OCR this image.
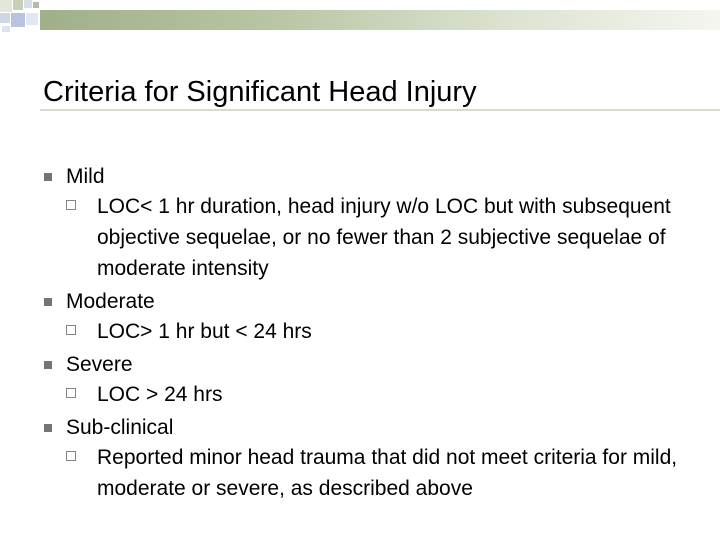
Criteria for Significant Head Injury
Mild
LOC< 1 hr duration, head injury w/o LOC but with subsequent objective sequelae, or no fewer than 2 subjective sequelae of moderate intensity
Moderate
LOC> 1 hr but < 24 hrs
Severe
LOC > 24 hrs
Sub-clinical
Reported minor head trauma that did not meet criteria for mild, moderate or severe, as described above
